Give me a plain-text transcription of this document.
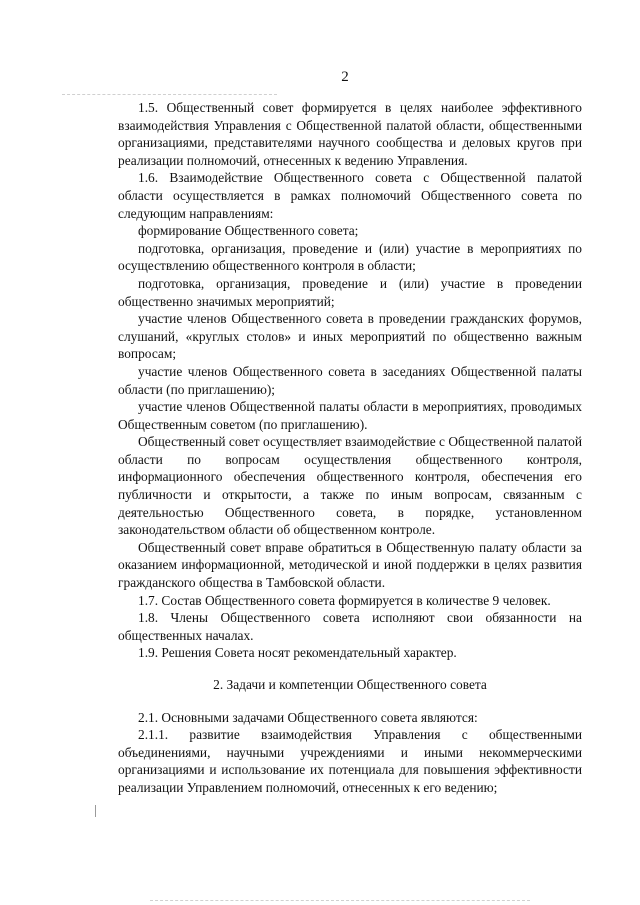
2

1.5. Общественный совет формируется в целях наиболее эффективного взаимодействия Управления с Общественной палатой области, общественными организациями, представителями научного сообщества и деловых кругов при реализации полномочий, отнесенных к ведению Управления.

1.6. Взаимодействие Общественного совета с Общественной палатой области осуществляется в рамках полномочий Общественного совета по следующим направлениям:

формирование Общественного совета;

подготовка, организация, проведение и (или) участие в мероприятиях по осуществлению общественного контроля в области;

подготовка, организация, проведение и (или) участие в проведении общественно значимых мероприятий;

участие членов Общественного совета в проведении гражданских форумов, слушаний, «круглых столов» и иных мероприятий по общественно важным вопросам;

участие членов Общественного совета в заседаниях Общественной палаты области (по приглашению);

участие членов Общественной палаты области в мероприятиях, проводимых Общественным советом (по приглашению).

Общественный совет осуществляет взаимодействие с Общественной палатой области по вопросам осуществления общественного контроля, информационного обеспечения общественного контроля, обеспечения его публичности и открытости, а также по иным вопросам, связанным с деятельностью Общественного совета, в порядке, установленном законодательством области об общественном контроле.

Общественный совет вправе обратиться в Общественную палату области за оказанием информационной, методической и иной поддержки в целях развития гражданского общества в Тамбовской области.

1.7. Состав Общественного совета формируется в количестве 9 человек.

1.8. Члены Общественного совета исполняют свои обязанности на общественных началах.

1.9. Решения Совета носят рекомендательный характер.

2. Задачи и компетенции Общественного совета

2.1. Основными задачами Общественного совета являются:

2.1.1. развитие взаимодействия Управления с общественными объединениями, научными учреждениями и иными некоммерческими организациями и использование их потенциала для повышения эффективности реализации Управлением полномочий, отнесенных к его ведению;
